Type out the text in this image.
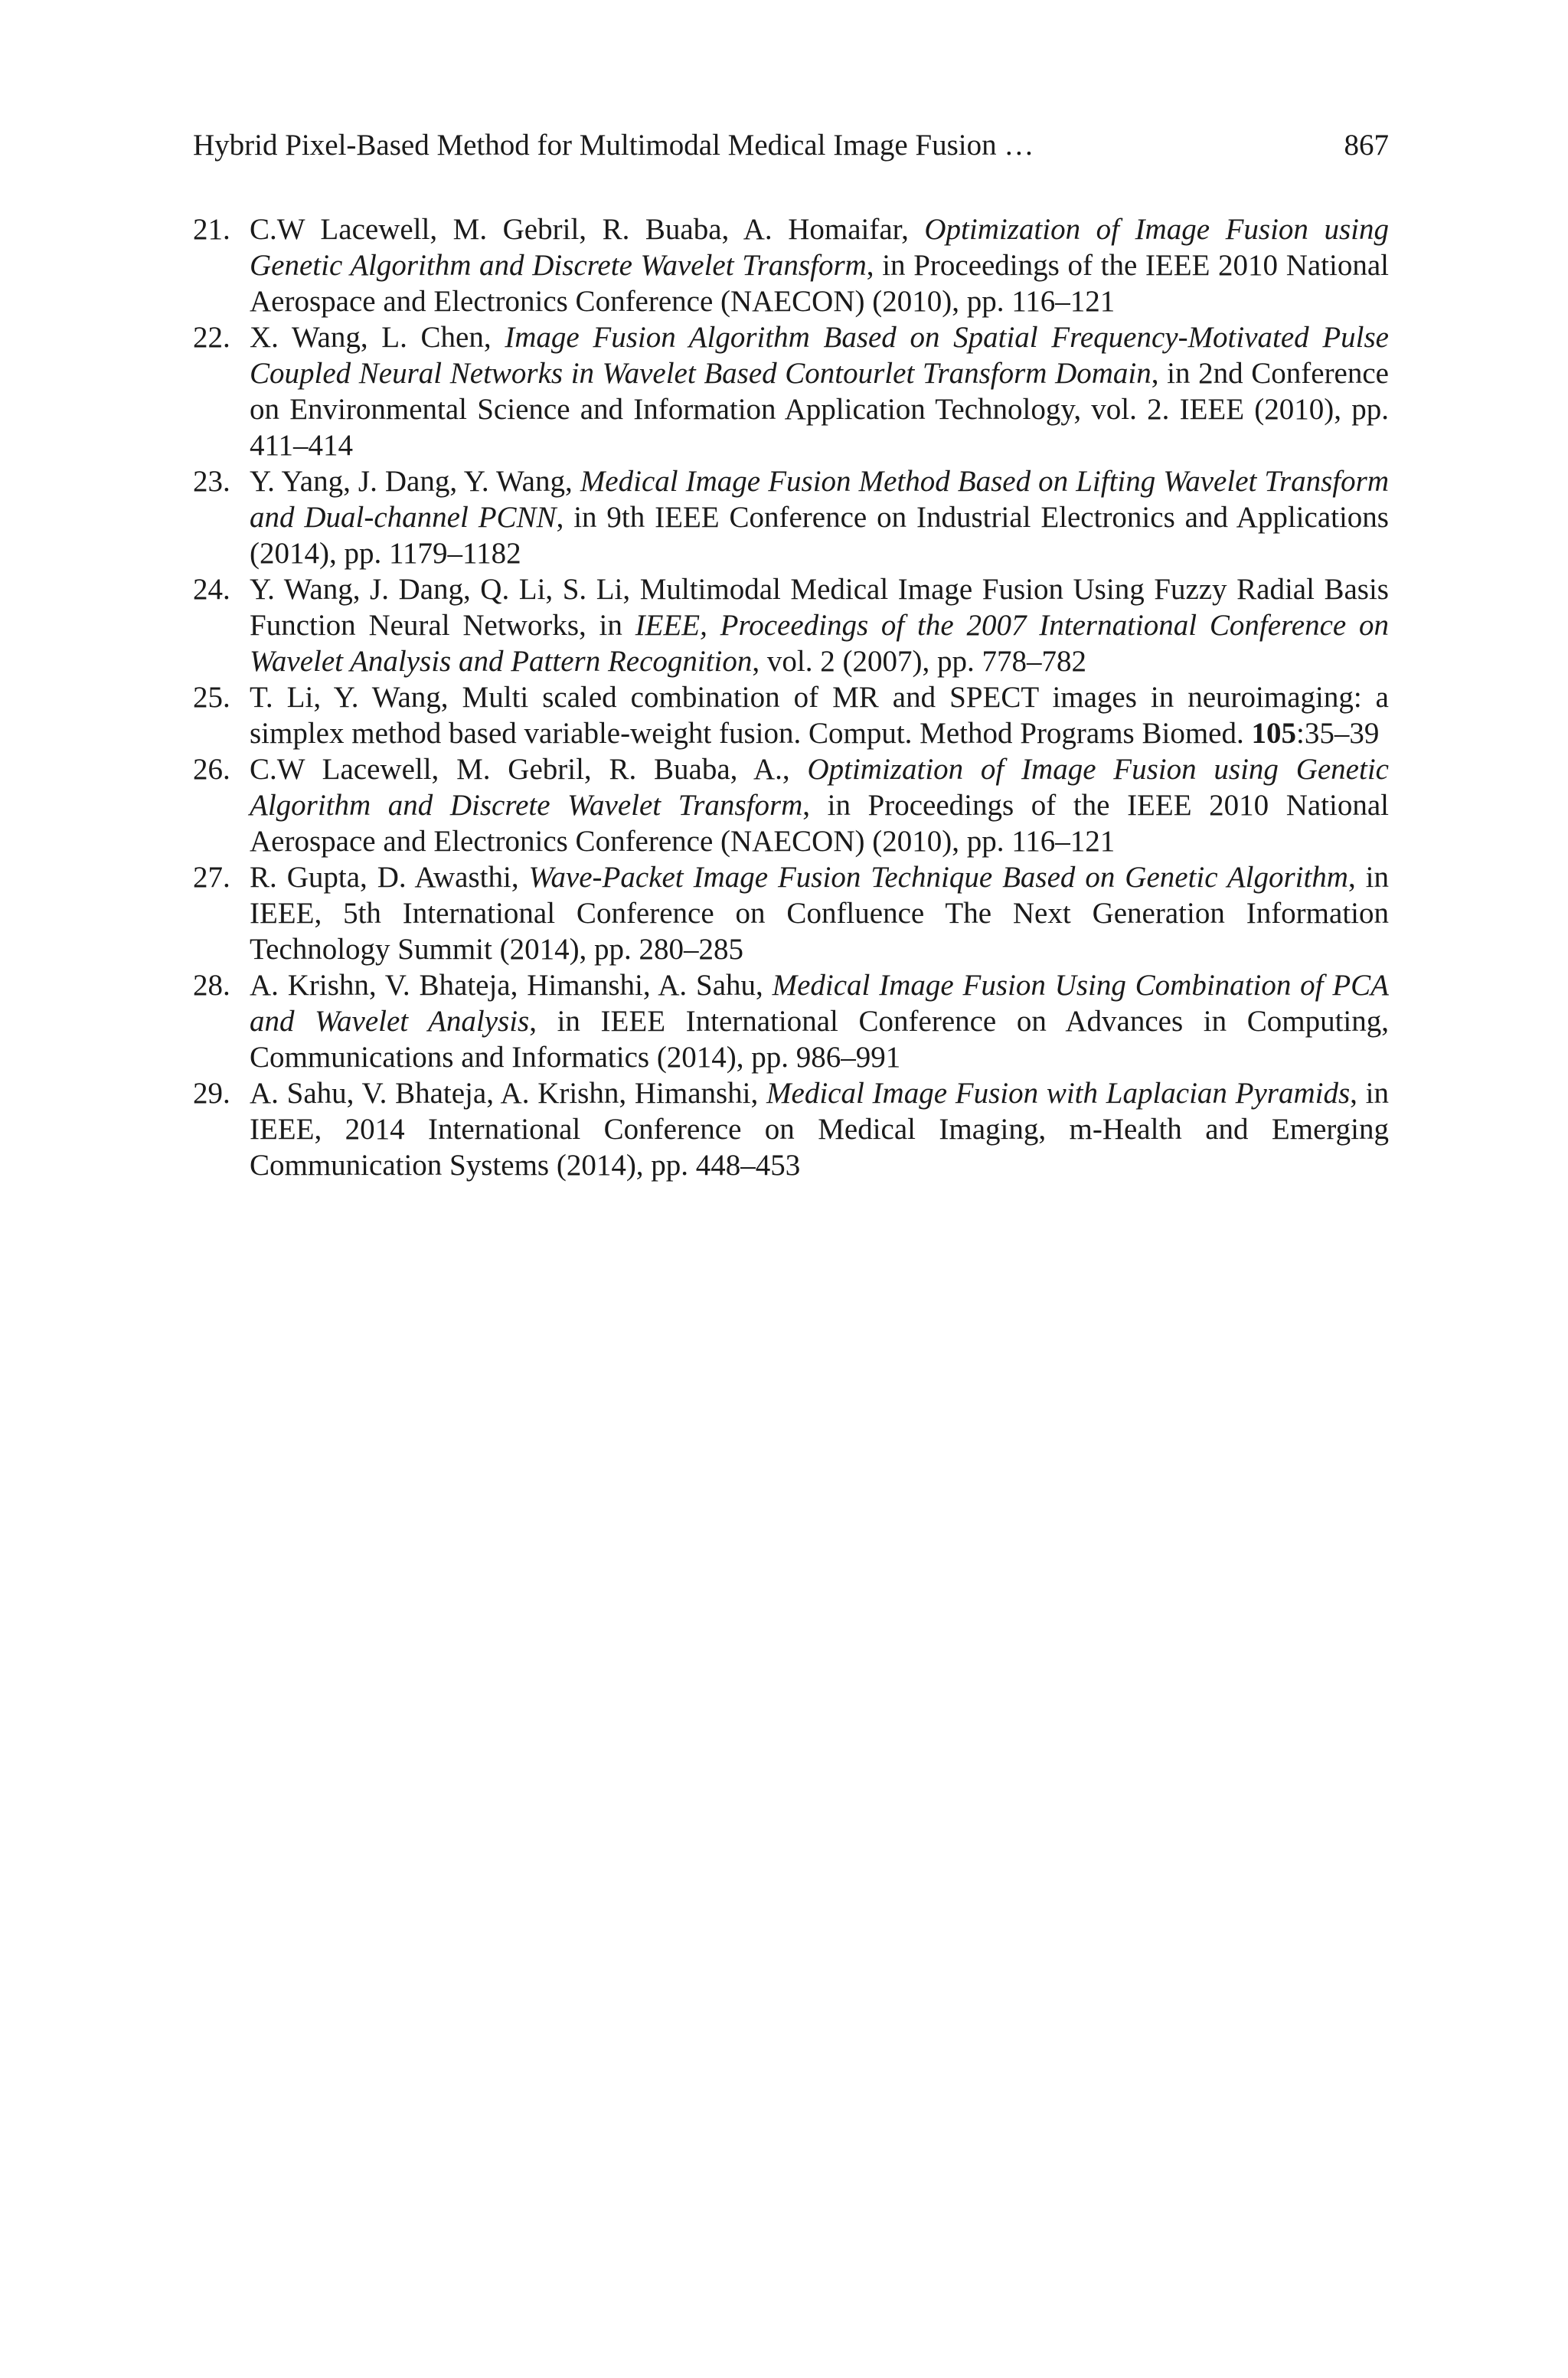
Hybrid Pixel-Based Method for Multimodal Medical Image Fusion …	867
21. C.W Lacewell, M. Gebril, R. Buaba, A. Homaifar, Optimization of Image Fusion using Genetic Algorithm and Discrete Wavelet Transform, in Proceedings of the IEEE 2010 National Aerospace and Electronics Conference (NAECON) (2010), pp. 116–121
22. X. Wang, L. Chen, Image Fusion Algorithm Based on Spatial Frequency-Motivated Pulse Coupled Neural Networks in Wavelet Based Contourlet Transform Domain, in 2nd Conference on Environmental Science and Information Application Technology, vol. 2. IEEE (2010), pp. 411–414
23. Y. Yang, J. Dang, Y. Wang, Medical Image Fusion Method Based on Lifting Wavelet Transform and Dual-channel PCNN, in 9th IEEE Conference on Industrial Electronics and Applications (2014), pp. 1179–1182
24. Y. Wang, J. Dang, Q. Li, S. Li, Multimodal Medical Image Fusion Using Fuzzy Radial Basis Function Neural Networks, in IEEE, Proceedings of the 2007 International Conference on Wavelet Analysis and Pattern Recognition, vol. 2 (2007), pp. 778–782
25. T. Li, Y. Wang, Multi scaled combination of MR and SPECT images in neuroimaging: a simplex method based variable-weight fusion. Comput. Method Programs Biomed. 105:35–39
26. C.W Lacewell, M. Gebril, R. Buaba, A., Optimization of Image Fusion using Genetic Algorithm and Discrete Wavelet Transform, in Proceedings of the IEEE 2010 National Aerospace and Electronics Conference (NAECON) (2010), pp. 116–121
27. R. Gupta, D. Awasthi, Wave-Packet Image Fusion Technique Based on Genetic Algorithm, in IEEE, 5th International Conference on Confluence The Next Generation Information Technology Summit (2014), pp. 280–285
28. A. Krishn, V. Bhateja, Himanshi, A. Sahu, Medical Image Fusion Using Combination of PCA and Wavelet Analysis, in IEEE International Conference on Advances in Computing, Communications and Informatics (2014), pp. 986–991
29. A. Sahu, V. Bhateja, A. Krishn, Himanshi, Medical Image Fusion with Laplacian Pyramids, in IEEE, 2014 International Conference on Medical Imaging, m-Health and Emerging Communication Systems (2014), pp. 448–453
